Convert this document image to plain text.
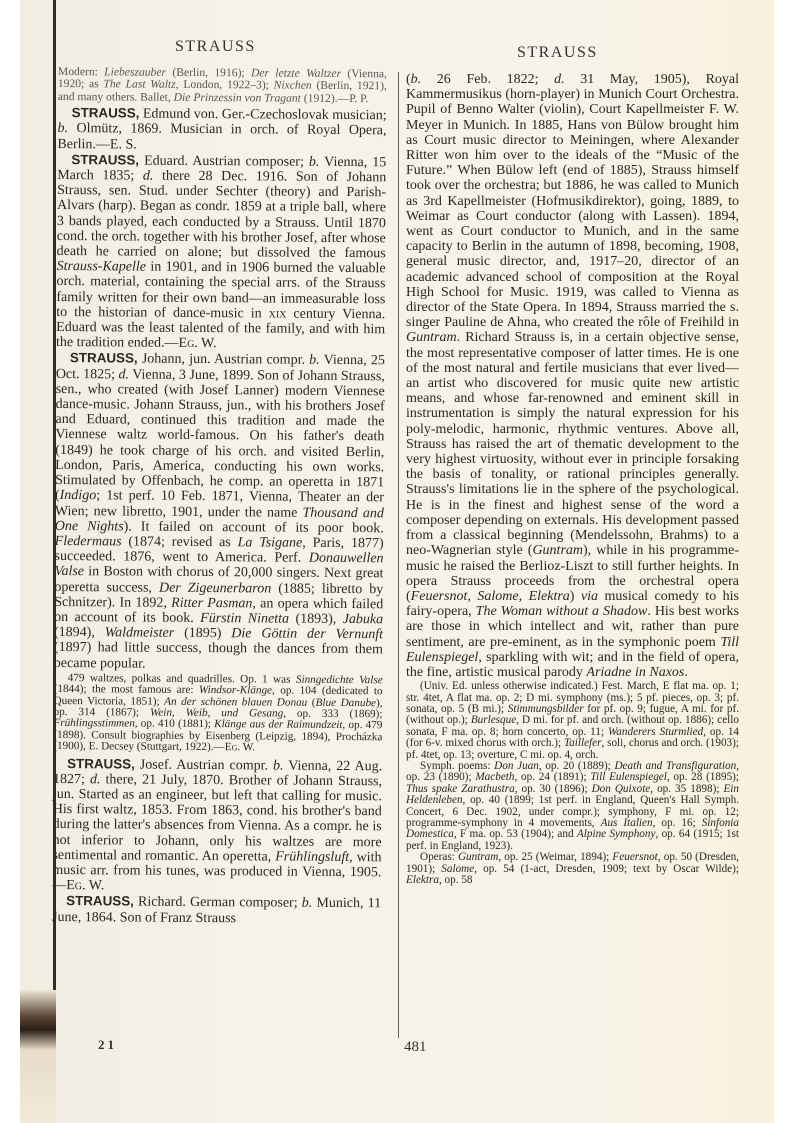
STRAUSS	STRAUSS

Modern: Liebeszauber (Berlin, 1916); Der letzte Waltzer (Vienna, 1920; as The Last Waltz, London, 1922–3); Nixchen (Berlin, 1921), and many others. Ballet, Die Prinzessin von Tragant (1912).—P. P.

STRAUSS, Edmund von. Ger.-Czechoslovak musician; b. Olmütz, 1869. Musician in orch. of Royal Opera, Berlin.—E. S.

STRAUSS, Eduard. Austrian composer; b. Vienna, 15 March 1835; d. there 28 Dec. 1916. Son of Johann Strauss, sen. Stud. under Sechter (theory) and Parish-Alvars (harp). Began as condr. 1859 at a triple ball, where 3 bands played, each conducted by a Strauss. Until 1870 cond. the orch. together with his brother Josef, after whose death he carried on alone; but dissolved the famous Strauss-Kapelle in 1901, and in 1906 burned the valuable orch. material, containing the special arrs. of the Strauss family written for their own band—an immeasurable loss to the historian of dance-music in xix century Vienna. Eduard was the least talented of the family, and with him the tradition ended.—Eg. W.

STRAUSS, Johann, jun. Austrian compr. b. Vienna, 25 Oct. 1825; d. Vienna, 3 June, 1899. Son of Johann Strauss, sen., who created (with Josef Lanner) modern Viennese dance-music. Johann Strauss, jun., with his brothers Josef and Eduard, continued this tradition and made the Viennese waltz world-famous. On his father's death (1849) he took charge of his orch. and visited Berlin, London, Paris, America, conducting his own works. Stimulated by Offenbach, he comp. an operetta in 1871 (Indigo; 1st perf. 10 Feb. 1871, Vienna, Theater an der Wien; new libretto, 1901, under the name Thousand and One Nights). It failed on account of its poor book. Fledermaus (1874; revised as La Tsigane, Paris, 1877) succeeded. 1876, went to America. Perf. Donauwellen Valse in Boston with chorus of 20,000 singers. Next great operetta success, Der Zigeunerbaron (1885; libretto by Schnitzer). In 1892, Ritter Pasman, an opera which failed on account of its book. Fürstin Ninetta (1893), Jabuka (1894), Waldmeister (1895) Die Göttin der Vernunft (1897) had little success, though the dances from them became popular.

479 waltzes, polkas and quadrilles. Op. 1 was Sinngedichte Valse (1844); the most famous are: Windsor-Klänge, op. 104 (dedicated to Queen Victoria, 1851); An der schönen blauen Donau (Blue Danube), op. 314 (1867); Wein, Weib, und Gesang, op. 333 (1869); Frühlingsstimmen, op. 410 (1881); Klänge aus der Raimundzeit, op. 479 (1898). Consult biographies by Eisenberg (Leipzig, 1894), Procházka (1900), E. Decsey (Stuttgart, 1922).—Eg. W.

STRAUSS, Josef. Austrian compr. b. Vienna, 22 Aug. 1827; d. there, 21 July, 1870. Brother of Johann Strauss, jun. Started as an engineer, but left that calling for music. His first waltz, 1853. From 1863, cond. his brother's band during the latter's absences from Vienna. As a compr. he is not inferior to Johann, only his waltzes are more sentimental and romantic. An operetta, Frühlingsluft, with music arr. from his tunes, was produced in Vienna, 1905.—Eg. W.

STRAUSS, Richard. German composer; b. Munich, 11 June, 1864. Son of Franz Strauss

(b. 26 Feb. 1822; d. 31 May, 1905), Royal Kammermusikus (horn-player) in Munich Court Orchestra. Pupil of Benno Walter (violin), Court Kapellmeister F. W. Meyer in Munich. In 1885, Hans von Bülow brought him as Court music director to Meiningen, where Alexander Ritter won him over to the ideals of the “Music of the Future.” When Bülow left (end of 1885), Strauss himself took over the orchestra; but 1886, he was called to Munich as 3rd Kapellmeister (Hofmusikdirektor), going, 1889, to Weimar as Court conductor (along with Lassen). 1894, went as Court conductor to Munich, and in the same capacity to Berlin in the autumn of 1898, becoming, 1908, general music director, and, 1917–20, director of an academic advanced school of composition at the Royal High School for Music. 1919, was called to Vienna as director of the State Opera. In 1894, Strauss married the s. singer Pauline de Ahna, who created the rôle of Freihild in Guntram. Richard Strauss is, in a certain objective sense, the most representative composer of latter times. He is one of the most natural and fertile musicians that ever lived—an artist who discovered for music quite new artistic means, and whose far-renowned and eminent skill in instrumentation is simply the natural expression for his poly-melodic, harmonic, rhythmic ventures. Above all, Strauss has raised the art of thematic development to the very highest virtuosity, without ever in principle forsaking the basis of tonality, or rational principles generally. Strauss's limitations lie in the sphere of the psychological. He is in the finest and highest sense of the word a composer depending on externals. His development passed from a classical beginning (Mendelssohn, Brahms) to a neo-Wagnerian style (Guntram), while in his programme-music he raised the Berlioz-Liszt to still further heights. In opera Strauss proceeds from the orchestral opera (Feuersnot, Salome, Elektra) via musical comedy to his fairy-opera, The Woman without a Shadow. His best works are those in which intellect and wit, rather than pure sentiment, are pre-eminent, as in the symphonic poem Till Eulenspiegel, sparkling with wit; and in the field of opera, the fine, artistic musical parody Ariadne in Naxos.

(Univ. Ed. unless otherwise indicated.) Fest. March, E flat ma. op. 1; str. 4tet, A flat ma. op. 2; D mi. symphony (ms.); 5 pf. pieces, op. 3; pf. sonata, op. 5 (B mi.); Stimmungsbilder for pf. op. 9; fugue, A mi. for pf. (without op.); Burlesque, D mi. for pf. and orch. (without op. 1886); cello sonata, F ma. op. 8; horn concerto, op. 11; Wanderers Sturmlied, op. 14 (for 6-v. mixed chorus with orch.); Taillefer, soli, chorus and orch. (1903); pf. 4tet, op. 13; overture, C mi. op. 4, orch.

Symph. poems: Don Juan, op. 20 (1889); Death and Transfiguration, op. 23 (1890); Macbeth, op. 24 (1891); Till Eulenspiegel, op. 28 (1895); Thus spake Zarathustra, op. 30 (1896); Don Quixote, op. 35 1898); Ein Heldenleben, op. 40 (1899; 1st perf. in England, Queen's Hall Symph. Concert, 6 Dec. 1902, under compr.); symphony, F mi. op. 12; programme-symphony in 4 movements, Aus Italien, op. 16; Sinfonia Domestica, F ma. op. 53 (1904); and Alpine Symphony, op. 64 (1915; 1st perf. in England, 1923).

Operas: Guntram, op. 25 (Weimar, 1894); Feuersnot, op. 50 (Dresden, 1901); Salome, op. 54 (1-act, Dresden, 1909; text by Oscar Wilde); Elektra, op. 58

21	481
